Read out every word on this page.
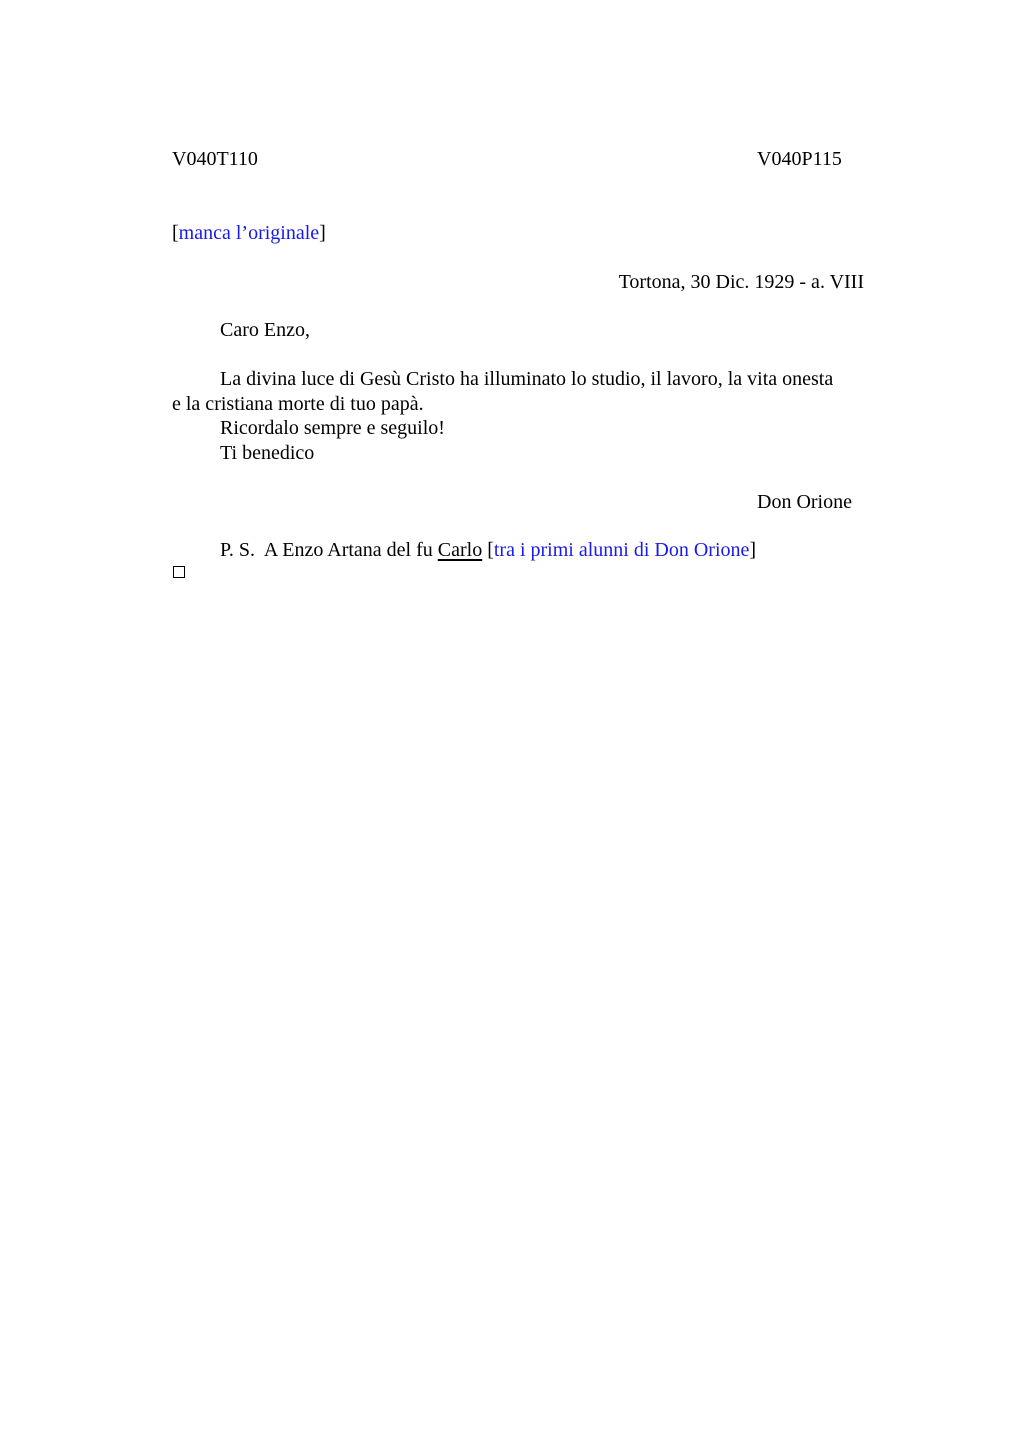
V040T110	V040P115
[manca l’originale]
Tortona, 30 Dic. 1929 - a. VIII
Caro Enzo,
La divina luce di Gesù Cristo ha illuminato lo studio, il lavoro, la vita onesta
e la cristiana morte di tuo papà.
Ricordalo sempre e seguilo!
Ti benedico
Don Orione
P. S.  A Enzo Artana del fu Carlo [tra i primi alunni di Don Orione]
